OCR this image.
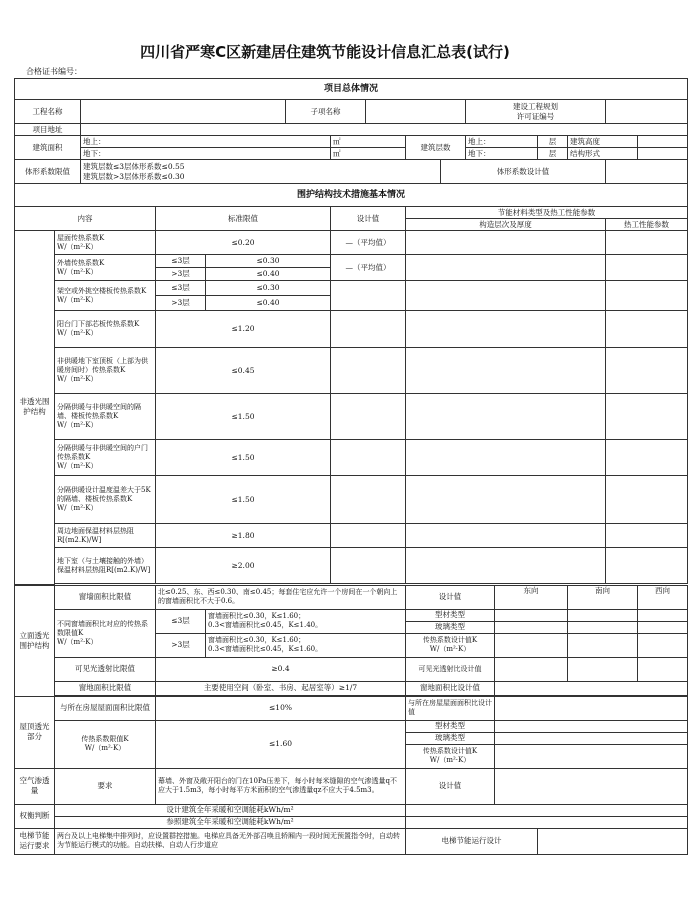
四川省严寒C区新建居住建筑节能设计信息汇总表(试行)
合格证书编号：
项目总体情况																
工程名称					子项名称					建设工程规划
许可证编号						
项目地址																
建筑面积		地上：				㎡		建筑层数		地上：		层	建筑高度			
		地下：				㎡				地下：		层	结构形式			
体形系数限值		建筑层数≤3层体形系数≤0.55
建筑层数>3层体形系数≤0.30							体形系数设计值							
围护结构技术措施基本情况																
内容			标准限值			设计值		节能材料类型及热工性能参数								
								构造层次及厚度						热工性能参数		
非透光围护结构	屋面传热系数K
W/（m²·K）		≤0.20			—（平均值）										
	外墙传热系数K
W/（m²·K）		≤3层	≤0.30		—（平均值）										
			>3层	≤0.40												
	架空或外挑空楼板传热系数K
W/（m²·K）		≤3层	≤0.30												
			>3层	≤0.40												
	阳台门下部芯板传热系数K
W/（m²·K）		≤1.20													
	非供暖地下室顶板（上部为供暖房间时）传热系数K
W/（m²·K）		≤0.45													
	分隔供暖与非供暖空间的隔墙、楼板传热系数K
W/（m²·K）		≤1.50													
	分隔供暖与非供暖空间的户门传热系数K
W/（m²·K）		≤1.50													
	分隔供暖设计温度温差大于5K的隔墙、楼板传热系数K
W/（m²·K）		≤1.50													
	周边地面保温材料层热阻R[(m2.K)/W]		≥1.80													
	地下室（与土壤接触的外墙）保温材料层热阻R[(m2.K)/W]		≥2.00													

立面透光围护结构	窗墙面积比限值		北≤0.25、东、西≤0.30、南≤0.45；每套住宅应允许一个房间在一个朝向上的窗墙面积比不大于0.6。					设计值			东向		南向		西向	
	不同窗墙面积比对应的传热系数限值K
W/（m²·K）		≤3层	窗墙面积比≤0.30，K≤1.60；
0.3<窗墙面积比≤0.45，K≤1.40。				型材类型								
								玻璃类型								
			>3层	窗墙面积比≤0.30，K≤1.60；
0.3<窗墙面积比≤0.45，K≤1.60。				传热系数设计值K
W/（m²·K）								

	可见光透射比限值		≥0.4					可见光透射比设计值								
	窗地面积比限值		主要使用空间（卧室、书房、起居室等）≥1/7					窗地面积比设计值								

屋顶透光部分	与所在房屋屋面面积比限值		≤10%					与所在房屋屋面面积比设计值								
	传热系数限值K
W/（m²·K）		≤1.60					型材类型								
								玻璃类型								
								传热系数设计值K
W/（m²·K）								
空气渗透量	要求		幕墙、外窗及敞开阳台的门在10Pa压差下，每小时每米缝隙的空气渗透量q不应大于1.5m3，每小时每平方米面积的空气渗透量qz不应大于4.5m3。					设计值								
权衡判断	设计建筑全年采暖和空调能耗kWh/m²															
	参照建筑全年采暖和空调能耗kWh/m²															
电梯节能运行要求	两台及以上电梯集中排列时，应设置群控措施。电梯应具备无外部召唤且轿厢内一段时间无预置指令时，自动转为节能运行模式的功能。自动扶梯、自动人行步道应							电梯节能运行设计								
